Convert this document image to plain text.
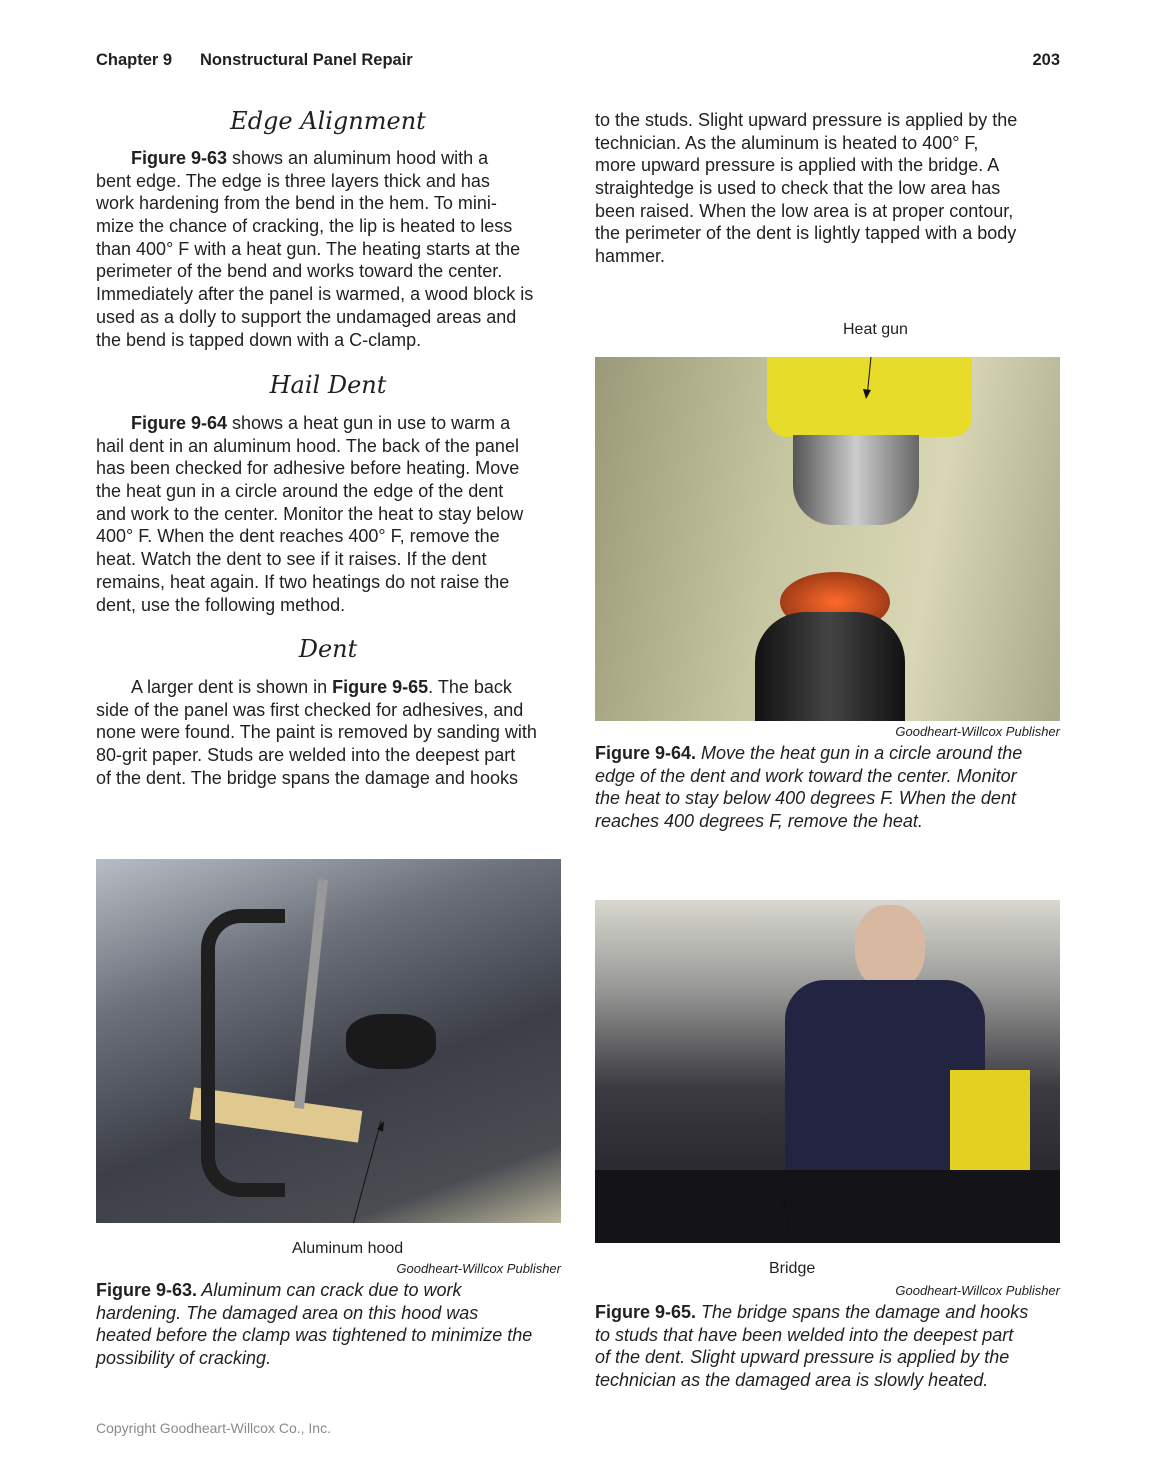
Chapter 9 Nonstructural Panel Repair	203
Edge Alignment
Figure 9-63 shows an aluminum hood with a
bent edge. The edge is three layers thick and has
work hardening from the bend in the hem. To mini-
mize the chance of cracking, the lip is heated to less
than 400° F with a heat gun. The heating starts at the
perimeter of the bend and works toward the center.
Immediately after the panel is warmed, a wood block is
used as a dolly to support the undamaged areas and
the bend is tapped down with a C-clamp.
Hail Dent
Figure 9-64 shows a heat gun in use to warm a
hail dent in an aluminum hood. The back of the panel
has been checked for adhesive before heating. Move
the heat gun in a circle around the edge of the dent
and work to the center. Monitor the heat to stay below
400° F. When the dent reaches 400° F, remove the
heat. Watch the dent to see if it raises. If the dent
remains, heat again. If two heatings do not raise the
dent, use the following method.
Dent
A larger dent is shown in Figure 9-65. The back
side of the panel was first checked for adhesives, and
none were found. The paint is removed by sanding with
80-grit paper. Studs are welded into the deepest part
of the dent. The bridge spans the damage and hooks
to the studs. Slight upward pressure is applied by the
technician. As the aluminum is heated to 400° F,
more upward pressure is applied with the bridge. A
straightedge is used to check that the low area has
been raised. When the low area is at proper contour,
the perimeter of the dent is lightly tapped with a body
hammer.
Heat gun
Goodheart-Willcox Publisher
Figure 9-64. Move the heat gun in a circle around the
edge of the dent and work toward the center. Monitor
the heat to stay below 400 degrees F. When the dent
reaches 400 degrees F, remove the heat.
Aluminum hood
Goodheart-Willcox Publisher
Figure 9-63. Aluminum can crack due to work
hardening. The damaged area on this hood was
heated before the clamp was tightened to minimize the
possibility of cracking.
Bridge
Goodheart-Willcox Publisher
Figure 9-65. The bridge spans the damage and hooks
to studs that have been welded into the deepest part
of the dent. Slight upward pressure is applied by the
technician as the damaged area is slowly heated.
Copyright Goodheart-Willcox Co., Inc.
